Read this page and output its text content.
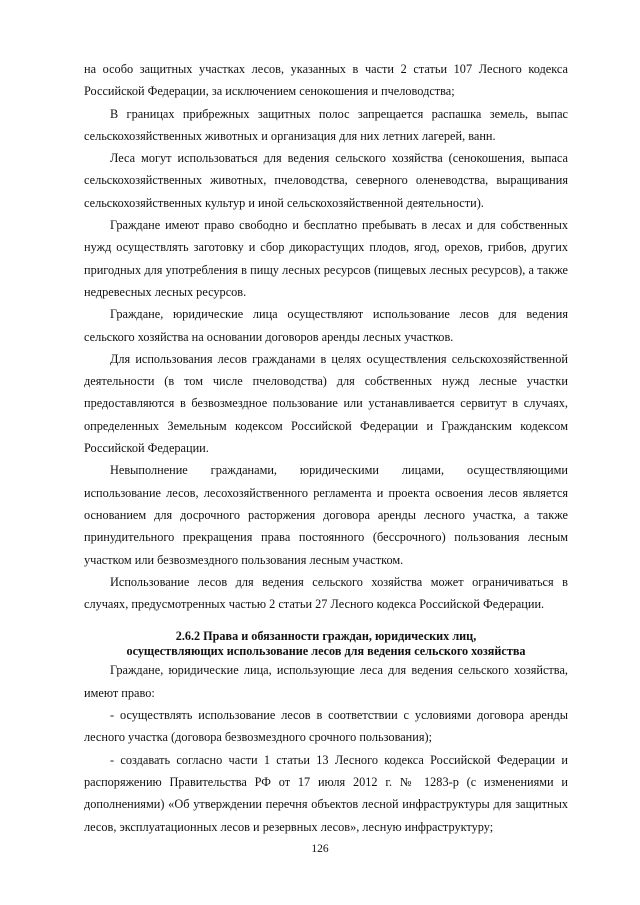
на особо защитных участках лесов, указанных в части 2 статьи 107 Лесного кодекса Российской Федерации, за исключением сенокошения и пчеловодства;

В границах прибрежных защитных полос запрещается распашка земель, выпас сельскохозяйственных животных и организация для них летних лагерей, ванн.

Леса могут использоваться для ведения сельского хозяйства (сенокошения, выпаса сельскохозяйственных животных, пчеловодства, северного оленеводства, выращивания сельскохозяйственных культур и иной сельскохозяйственной деятельности).

Граждане имеют право свободно и бесплатно пребывать в лесах и для собственных нужд осуществлять заготовку и сбор дикорастущих плодов, ягод, орехов, грибов, других пригодных для употребления в пищу лесных ресурсов (пищевых лесных ресурсов), а также недревесных лесных ресурсов.

Граждане, юридические лица осуществляют использование лесов для ведения сельского хозяйства на основании договоров аренды лесных участков.

Для использования лесов гражданами в целях осуществления сельскохозяйственной деятельности (в том числе пчеловодства) для собственных нужд лесные участки предоставляются в безвозмездное пользование или устанавливается сервитут в случаях, определенных Земельным кодексом Российской Федерации и Гражданским кодексом Российской Федерации.

Невыполнение гражданами, юридическими лицами, осуществляющими использование лесов, лесохозяйственного регламента и проекта освоения лесов является основанием для досрочного расторжения договора аренды лесного участка, а также принудительного прекращения права постоянного (бессрочного) пользования лесным участком или безвозмездного пользования лесным участком.

Использование лесов для ведения сельского хозяйства может ограничиваться в случаях, предусмотренных частью 2 статьи 27 Лесного кодекса Российской Федерации.

2.6.2 Права и обязанности граждан, юридических лиц,
осуществляющих использование лесов для ведения сельского хозяйства

Граждане, юридические лица, использующие леса для ведения сельского хозяйства, имеют право:

- осуществлять использование лесов в соответствии с условиями договора аренды лесного участка (договора безвозмездного срочного пользования);

- создавать согласно части 1 статьи 13 Лесного кодекса Российской Федерации и распоряжению Правительства РФ от 17 июля 2012 г. № 1283-р (с изменениями и дополнениями) «Об утверждении перечня объектов лесной инфраструктуры для защитных лесов, эксплуатационных лесов и резервных лесов», лесную инфраструктуру;

126
